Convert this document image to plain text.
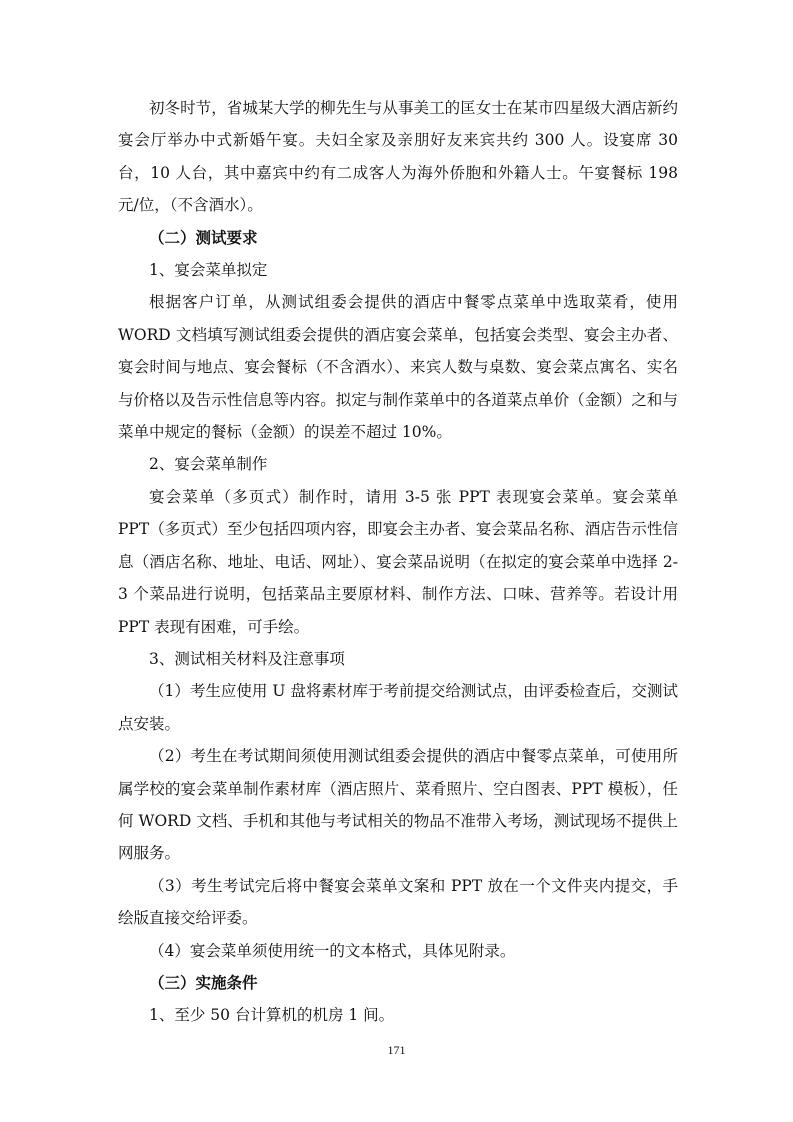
初冬时节，省城某大学的柳先生与从事美工的匡女士在某市四星级大酒店新约宴会厅举办中式新婚午宴。夫妇全家及亲朋好友来宾共约 300 人。设宴席 30 台，10 人台，其中嘉宾中约有二成客人为海外侨胞和外籍人士。午宴餐标 198 元/位，（不含酒水）。

（二）测试要求

1、宴会菜单拟定

根据客户订单，从测试组委会提供的酒店中餐零点菜单中选取菜肴，使用 WORD 文档填写测试组委会提供的酒店宴会菜单，包括宴会类型、宴会主办者、宴会时间与地点、宴会餐标（不含酒水）、来宾人数与桌数、宴会菜点寓名、实名与价格以及告示性信息等内容。拟定与制作菜单中的各道菜点单价（金额）之和与菜单中规定的餐标（金额）的误差不超过 10%。

2、宴会菜单制作

宴会菜单（多页式）制作时，请用 3-5 张 PPT 表现宴会菜单。宴会菜单 PPT（多页式）至少包括四项内容，即宴会主办者、宴会菜品名称、酒店告示性信息（酒店名称、地址、电话、网址）、宴会菜品说明（在拟定的宴会菜单中选择 2-3 个菜品进行说明，包括菜品主要原材料、制作方法、口味、营养等。若设计用 PPT 表现有困难，可手绘。

3、测试相关材料及注意事项

（1）考生应使用 U 盘将素材库于考前提交给测试点，由评委检查后，交测试点安装。

（2）考生在考试期间须使用测试组委会提供的酒店中餐零点菜单，可使用所属学校的宴会菜单制作素材库（酒店照片、菜肴照片、空白图表、PPT 模板），任何 WORD 文档、手机和其他与考试相关的物品不准带入考场，测试现场不提供上网服务。

（3）考生考试完后将中餐宴会菜单文案和 PPT 放在一个文件夹内提交，手绘版直接交给评委。

（4）宴会菜单须使用统一的文本格式，具体见附录。

（三）实施条件

1、至少 50 台计算机的机房 1 间。

171
